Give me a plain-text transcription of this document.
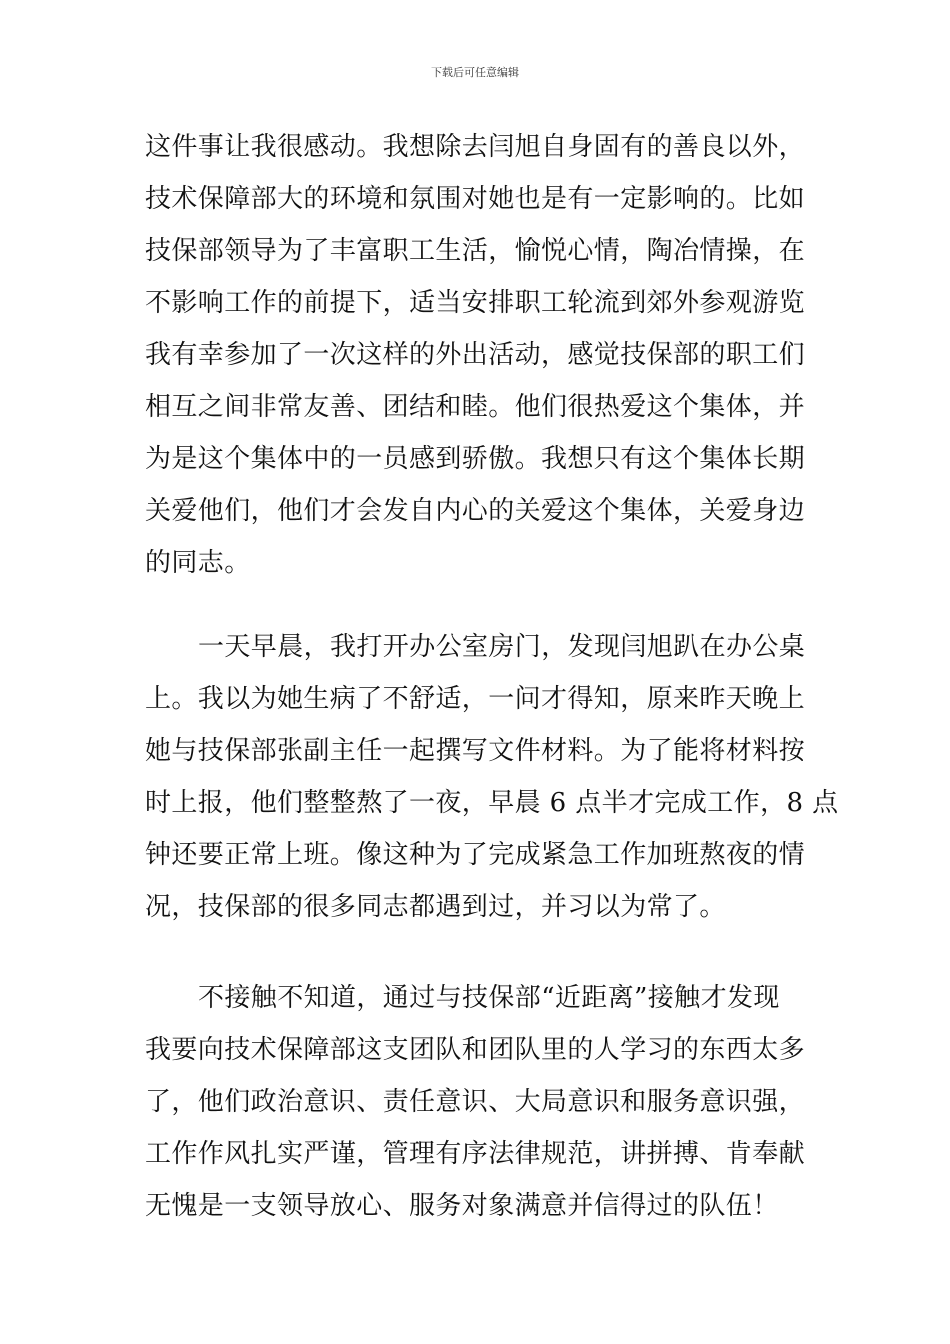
下载后可任意编辑
这件事让我很感动。我想除去闫旭自身固有的善良以外，
技术保障部大的环境和氛围对她也是有一定影响的。比如
技保部领导为了丰富职工生活，愉悦心情，陶冶情操，在
不影响工作的前提下，适当安排职工轮流到郊外参观游览
我有幸参加了一次这样的外出活动，感觉技保部的职工们
相互之间非常友善、团结和睦。他们很热爱这个集体，并
为是这个集体中的一员感到骄傲。我想只有这个集体长期
关爱他们，他们才会发自内心的关爱这个集体，关爱身边
的同志。
一天早晨，我打开办公室房门，发现闫旭趴在办公桌
上。我以为她生病了不舒适，一问才得知，原来昨天晚上
她与技保部张副主任一起撰写文件材料。为了能将材料按
时上报，他们整整熬了一夜，早晨 6 点半才完成工作，8 点
钟还要正常上班。像这种为了完成紧急工作加班熬夜的情
况，技保部的很多同志都遇到过，并习以为常了。
不接触不知道，通过与技保部“近距离”接触才发现
我要向技术保障部这支团队和团队里的人学习的东西太多
了，他们政治意识、责任意识、大局意识和服务意识强，
工作作风扎实严谨，管理有序法律规范，讲拼搏、肯奉献
无愧是一支领导放心、服务对象满意并信得过的队伍！
